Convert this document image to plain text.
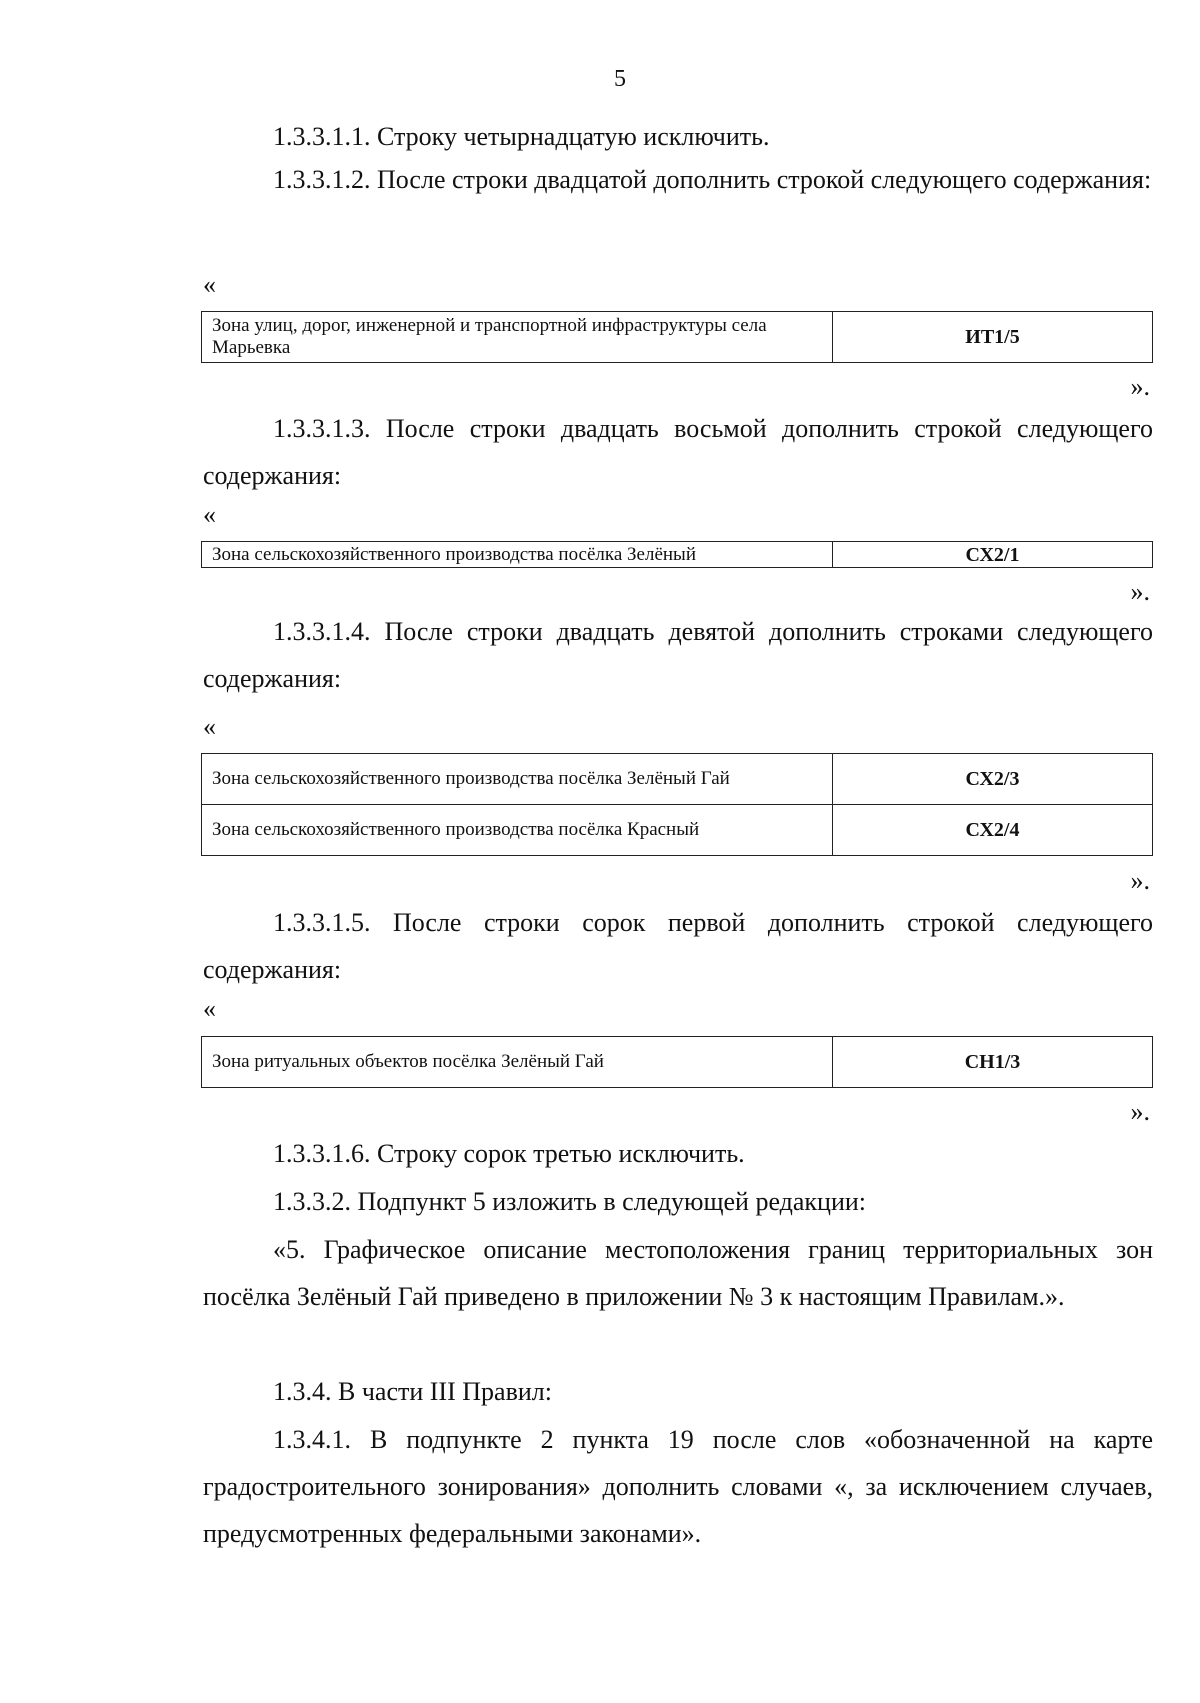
5

1.3.3.1.1. Строку четырнадцатую исключить.

1.3.3.1.2. После строки двадцатой дополнить строкой следующего содержания:

«

Зона улиц, дорог, инженерной и транспортной инфраструктуры села Марьевка	ИТ1/5

».

1.3.3.1.3. После строки двадцать восьмой дополнить строкой следующего содержания:

«

Зона сельскохозяйственного производства посёлка Зелёный	СХ2/1

».

1.3.3.1.4. После строки двадцать девятой дополнить строками следующего содержания:

«

Зона сельскохозяйственного производства посёлка Зелёный Гай	СХ2/3
Зона сельскохозяйственного производства посёлка Красный	СХ2/4

».

1.3.3.1.5. После строки сорок первой дополнить строкой следующего содержания:

«

Зона ритуальных объектов посёлка Зелёный Гай	СН1/3

».

1.3.3.1.6. Строку сорок третью исключить.

1.3.3.2. Подпункт 5 изложить в следующей редакции:

«5. Графическое описание местоположения границ территориальных зон посёлка Зелёный Гай приведено в приложении № 3 к настоящим Правилам.».

1.3.4. В части III Правил:

1.3.4.1. В подпункте 2 пункта 19 после слов «обозначенной на карте градостроительного зонирования» дополнить словами «, за исключением случаев, предусмотренных федеральными законами».
